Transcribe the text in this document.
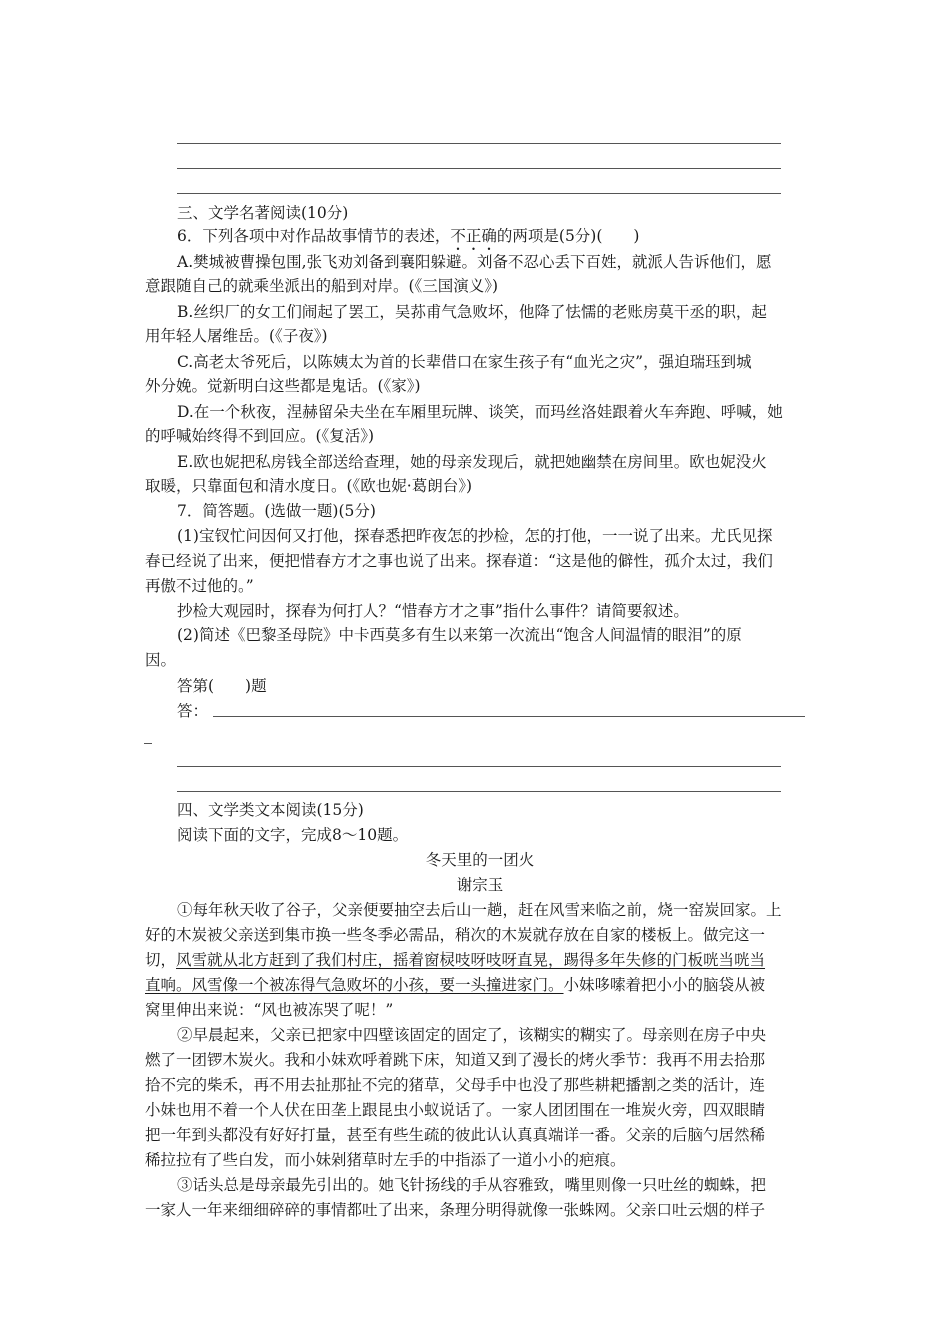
三、文学名著阅读(10分)
6．下列各项中对作品故事情节的表述，不正确的两项是(5分)(　　)
A.樊城被曹操包围,张飞劝刘备到襄阳躲避。刘备不忍心丢下百姓，就派人告诉他们，愿
意跟随自己的就乘坐派出的船到对岸。(《三国演义》)
B.丝织厂的女工们闹起了罢工，吴荪甫气急败坏，他降了怯懦的老账房莫干丞的职，起
用年轻人屠维岳。(《子夜》)
C.高老太爷死后，以陈姨太为首的长辈借口在家生孩子有“血光之灾”，强迫瑞珏到城
外分娩。觉新明白这些都是鬼话。(《家》)
D.在一个秋夜，涅赫留朵夫坐在车厢里玩牌、谈笑，而玛丝洛娃跟着火车奔跑、呼喊，她
的呼喊始终得不到回应。(《复活》)
E.欧也妮把私房钱全部送给查理，她的母亲发现后，就把她幽禁在房间里。欧也妮没火
取暖，只靠面包和清水度日。(《欧也妮·葛朗台》)
7．简答题。(选做一题)(5分)
(1)宝钗忙问因何又打他，探春悉把昨夜怎的抄检，怎的打他，一一说了出来。尤氏见探
春已经说了出来，便把惜春方才之事也说了出来。探春道：“这是他的僻性，孤介太过，我们
再傲不过他的。”
抄检大观园时，探春为何打人？“惜春方才之事”指什么事件？请简要叙述。
(2)简述《巴黎圣母院》中卡西莫多有生以来第一次流出“饱含人间温情的眼泪”的原
因。
答第(　　)题
答：
四、文学类文本阅读(15分)
阅读下面的文字，完成8～10题。
冬天里的一团火
谢宗玉
①每年秋天收了谷子，父亲便要抽空去后山一趟，赶在风雪来临之前，烧一窑炭回家。上
好的木炭被父亲送到集市换一些冬季必需品，稍次的木炭就存放在自家的楼板上。做完这一
切，风雪就从北方赶到了我们村庄，摇着窗棂吱呀吱呀直晃，踢得多年失修的门板咣当咣当
直响。风雪像一个被冻得气急败坏的小孩，要一头撞进家门。小妹哆嗦着把小小的脑袋从被
窝里伸出来说：“风也被冻哭了呢！”
②早晨起来，父亲已把家中四壁该固定的固定了，该糊实的糊实了。母亲则在房子中央
燃了一团锣木炭火。我和小妹欢呼着跳下床，知道又到了漫长的烤火季节：我再不用去拾那
拾不完的柴禾，再不用去扯那扯不完的猪草，父母手中也没了那些耕耙播割之类的活计，连
小妹也用不着一个人伏在田垄上跟昆虫小蚁说话了。一家人团团围在一堆炭火旁，四双眼睛
把一年到头都没有好好打量，甚至有些生疏的彼此认认真真端详一番。父亲的后脑勺居然稀
稀拉拉有了些白发，而小妹剁猪草时左手的中指添了一道小小的疤痕。
③话头总是母亲最先引出的。她飞针扬线的手从容雅致，嘴里则像一只吐丝的蜘蛛，把
一家人一年来细细碎碎的事情都吐了出来，条理分明得就像一张蛛网。父亲口吐云烟的样子
